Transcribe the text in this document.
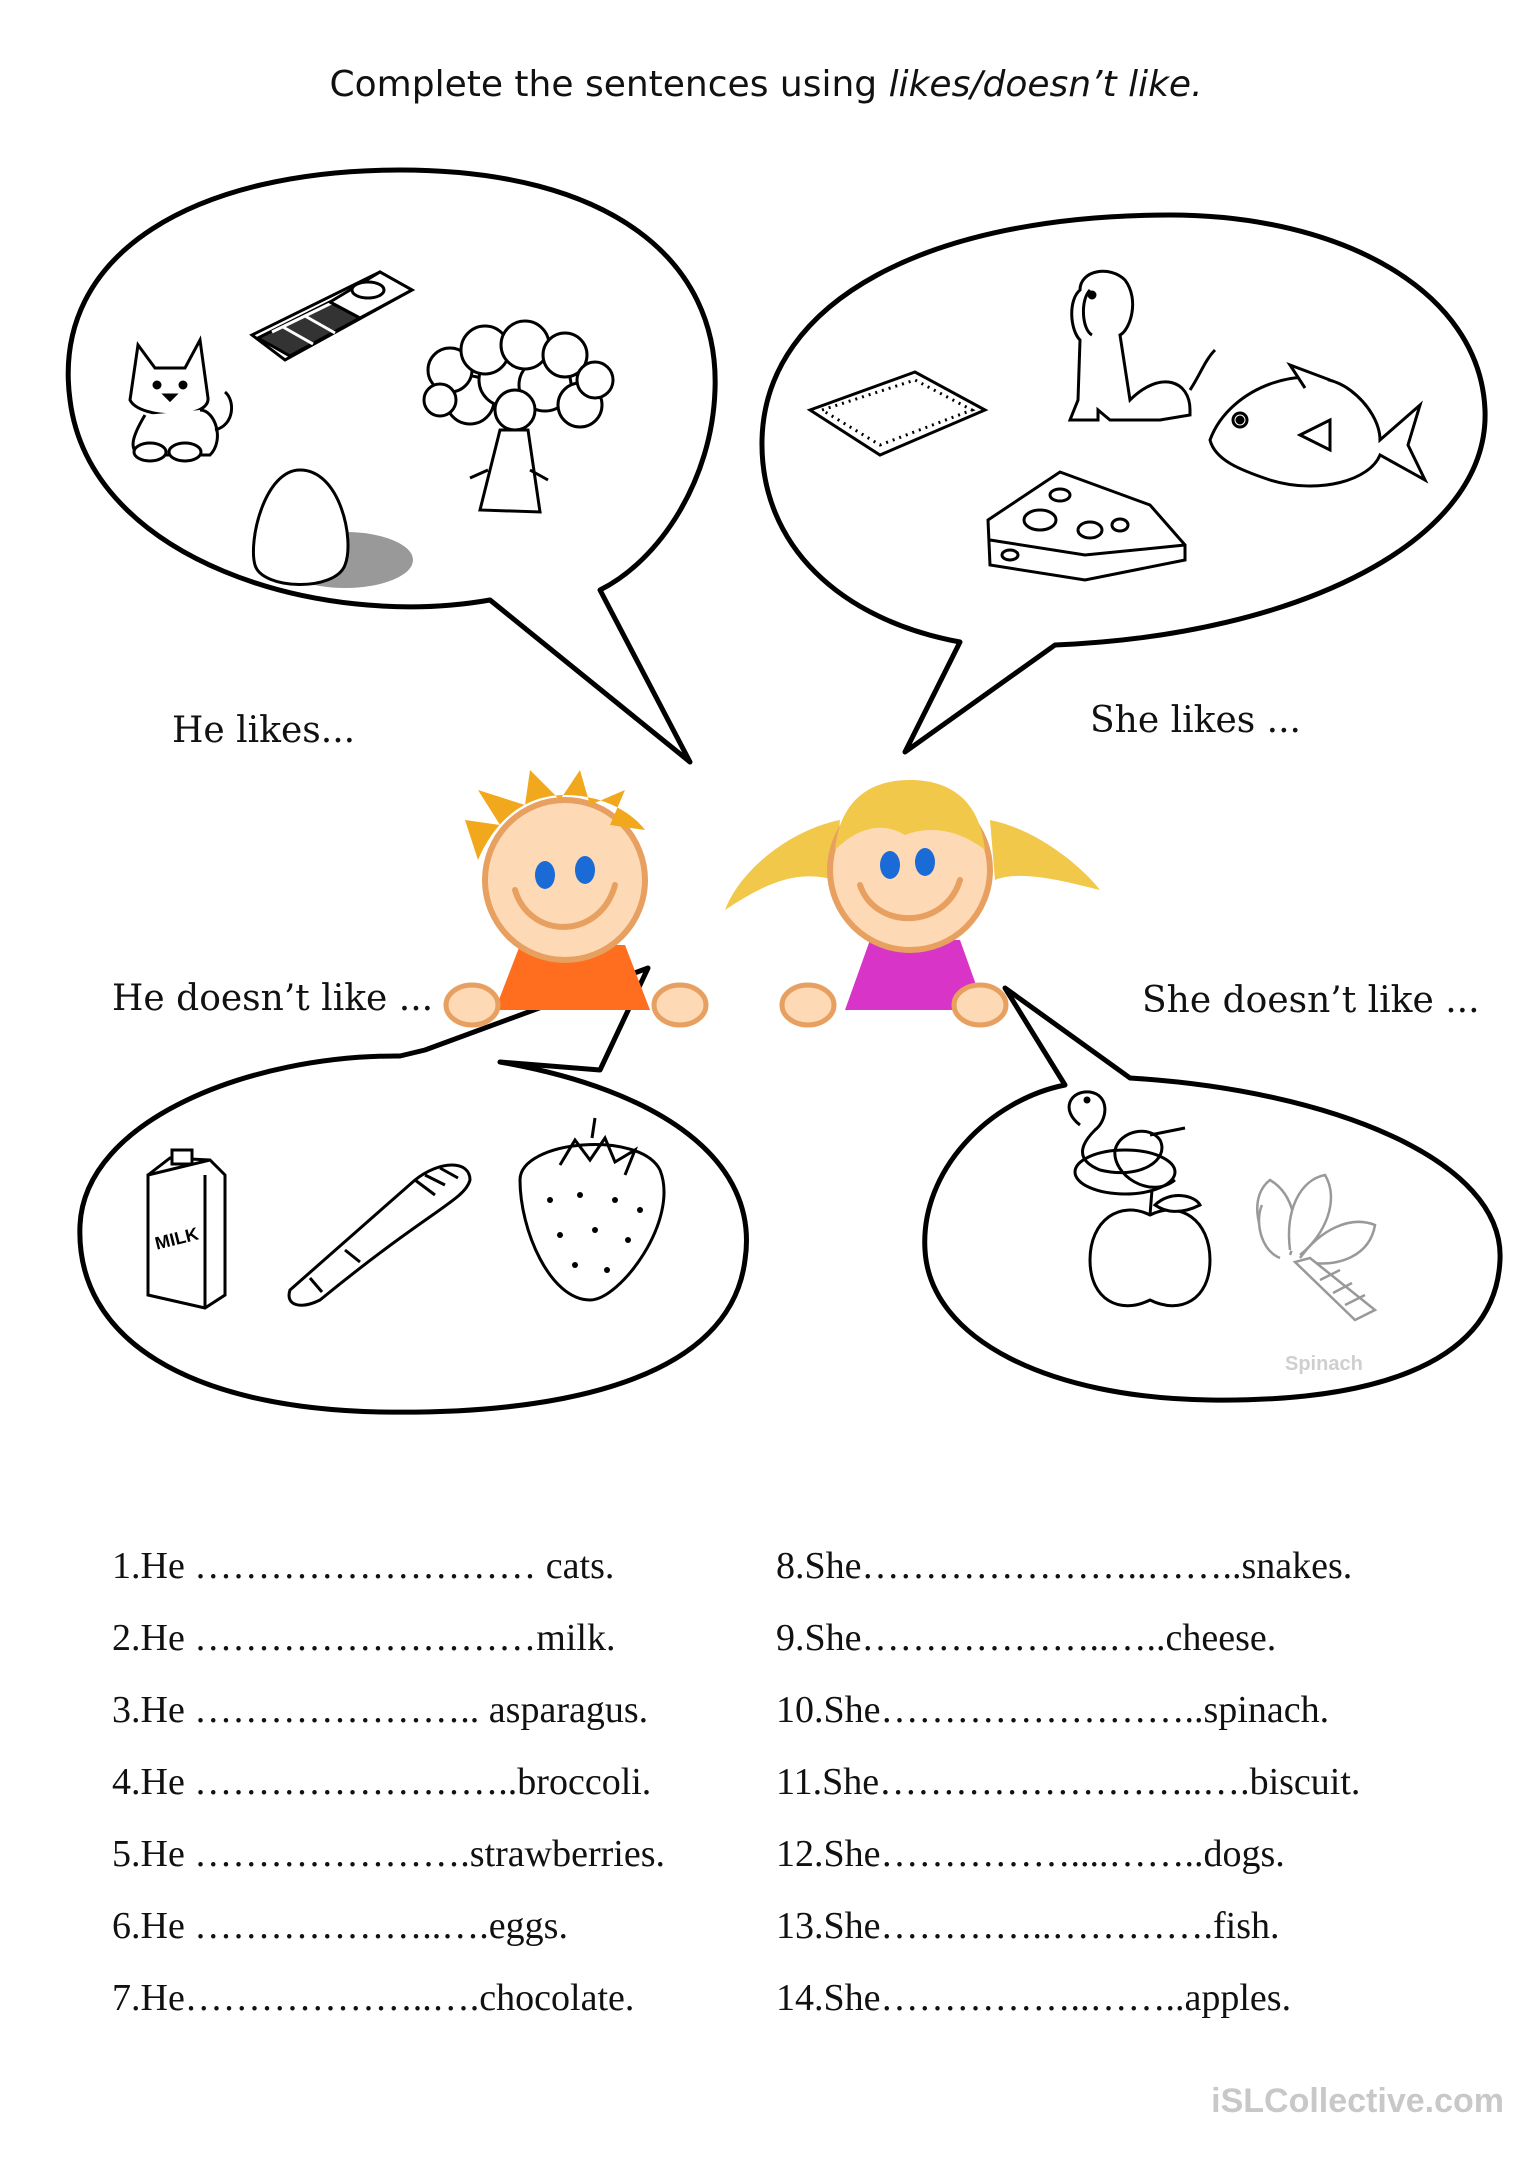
MILK
Spinach
Complete the sentences using likes/doesn’t like.
He likes...	She likes ...
He doesn’t like ...	She doesn’t like ...
1.He ……………………… cats.
2.He ………………………milk.
3.He ………………….. asparagus.
4.He ……………………..broccoli.
5.He ………………….strawberries.
6.He ………………..….eggs.
7.He………………..….chocolate.
8.She…………………..……..snakes.
9.She………………..…..cheese.
10.She……………………..spinach.
11.She……………………..….biscuit.
12.She……………....……..dogs.
13.She…………..………….fish.
14.She……………..……..apples.
iSLCollective.com
